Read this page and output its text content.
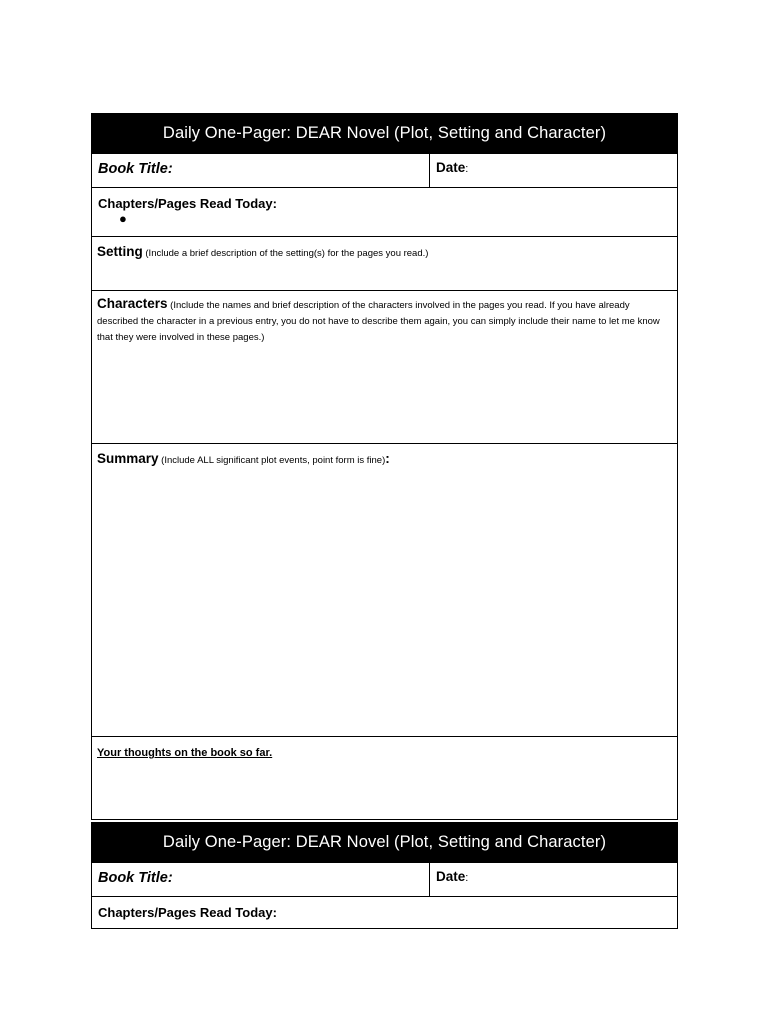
Daily One-Pager: DEAR Novel (Plot, Setting and Character)
Book Title:	Date:
Chapters/Pages Read Today:
●
Setting (Include a brief description of the setting(s) for the pages you read.)
Characters (Include the names and brief description of the characters involved in the pages you read. If you have already described the character in a previous entry, you do not have to describe them again, you can simply include their name to let me know that they were involved in these pages.)
Summary (Include ALL significant plot events, point form is fine):
Your thoughts on the book so far.
Daily One-Pager: DEAR Novel (Plot, Setting and Character)
Book Title:	Date:
Chapters/Pages Read Today:
